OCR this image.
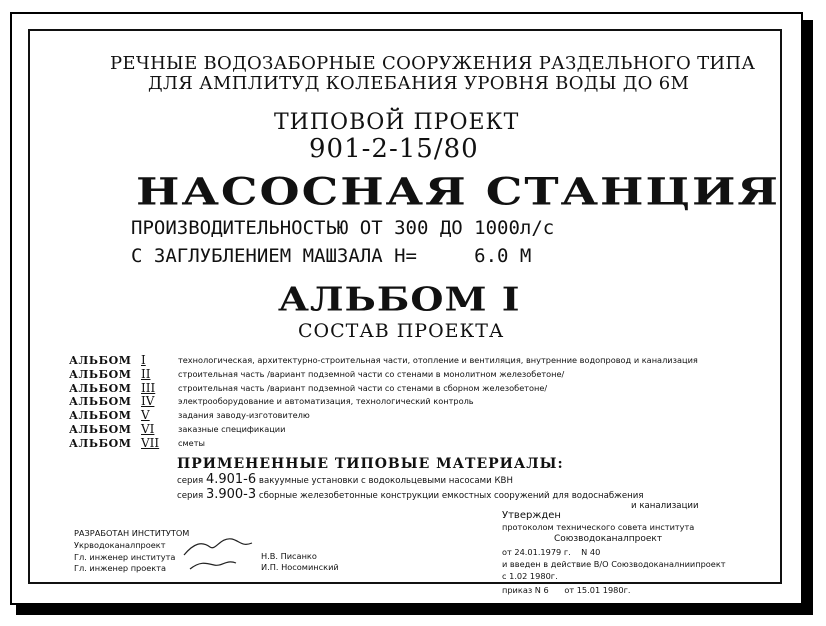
РЕЧНЫЕ ВОДОЗАБОРНЫЕ СООРУЖЕНИЯ РАЗДЕЛЬНОГО ТИПА
ДЛЯ АМПЛИТУД КОЛЕБАНИЯ УРОВНЯ ВОДЫ ДО 6М
ТИПОВОЙ ПРОЕКТ
901-2-15/80
НАСОСНАЯ СТАНЦИЯ
ПРОИЗВОДИТЕЛЬНОСТЬЮ ОТ 300 ДО 1000л/с
С ЗАГЛУБЛЕНИЕМ МАШЗАЛА Н=     6.0 М
АЛЬБОМ I
СОСТАВ ПРОЕКТА
АЛЬБОМ I	технологическая, архитектурно-строительная части, отопление и вентиляция, внутренние водопровод и канализация
АЛЬБОМ II	строительная часть /вариант подземной части со стенами в монолитном железобетоне/
АЛЬБОМ III	строительная часть /вариант подземной части со стенами в сборном железобетоне/
АЛЬБОМ IV	электрооборудование и автоматизация, технологический контроль
АЛЬБОМ V	задания заводу-изготовителю
АЛЬБОМ VI	заказные спецификации
АЛЬБОМ VII сметы
ПРИМЕНЕННЫЕ ТИПОВЫЕ МАТЕРИАЛЫ:
серия 4.901-6 вакуумные установки с водокольцевыми насосами КВН
серия 3.900-3 сборные железобетонные конструкции емкостных сооружений для водоснабжения
и канализации
РАЗРАБОТАН ИНСТИТУТОМ
Укрводоканалпроект
Гл. инженер института
Гл. инженер проекта
Н.В. Писанко
И.П. Носоминский
Утвержден
протоколом технического совета института
Союзводоканалпроект
от 24.01.1979 г.    N 40
и введен в действие В/О Союзводоканалниипроект
с 1.02 1980г.
приказ N 6      от 15.01 1980г.
